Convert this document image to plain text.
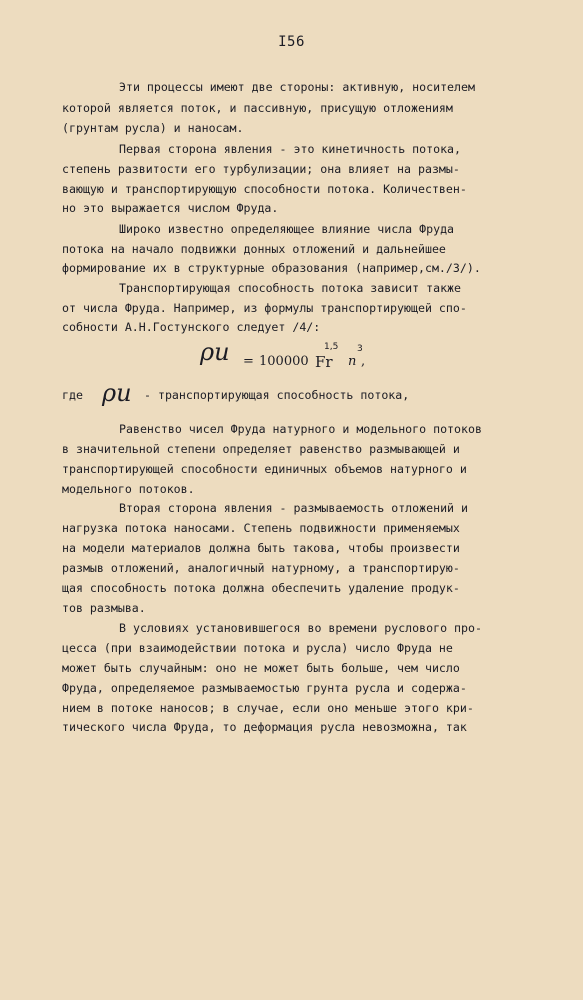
I56
Эти процессы имеют две стороны: активную, носителем
которой является поток, и пассивную, присущую отложениям
(грунтам русла) и наносам.
Первая сторона явления - это кинетичность потока,
степень развитости его турбулизации; она влияет на размы-
вающую и транспортирующую способности потока. Количествен-
но это выражается числом Фруда.
Широко известно определяющее влияние числа Фруда
потока на начало подвижки донных отложений и дальнейшее
формирование их в структурные образования (например,см./3/).
Транспортирующая способность потока зависит также
от числа Фруда. Например, из формулы транспортирующей спо-
собности А.Н.Гостунского следует /4/:
ρu = 100000 Fr
1,5
n
3
,
где ρu - транспортирующая способность потока,
Равенство чисел Фруда натурного и модельного потоков
в значительной степени определяет равенство размывающей и
транспортирующей способности единичных объемов натурного и
модельного потоков.
Вторая сторона явления - размываемость отложений и
нагрузка потока наносами. Степень подвижности применяемых
на модели материалов должна быть такова, чтобы произвести
размыв отложений, аналогичный натурному, а транспортирую-
щая способность потока должна обеспечить удаление продук-
тов размыва.
В условиях установившегося во времени руслового про-
цесса (при взаимодействии потока и русла) число Фруда не
может быть случайным: оно не может быть больше, чем число
Фруда, определяемое размываемостью грунта русла и содержа-
нием в потоке наносов; в случае, если оно меньше этого кри-
тического числа Фруда, то деформация русла невозможна, так
